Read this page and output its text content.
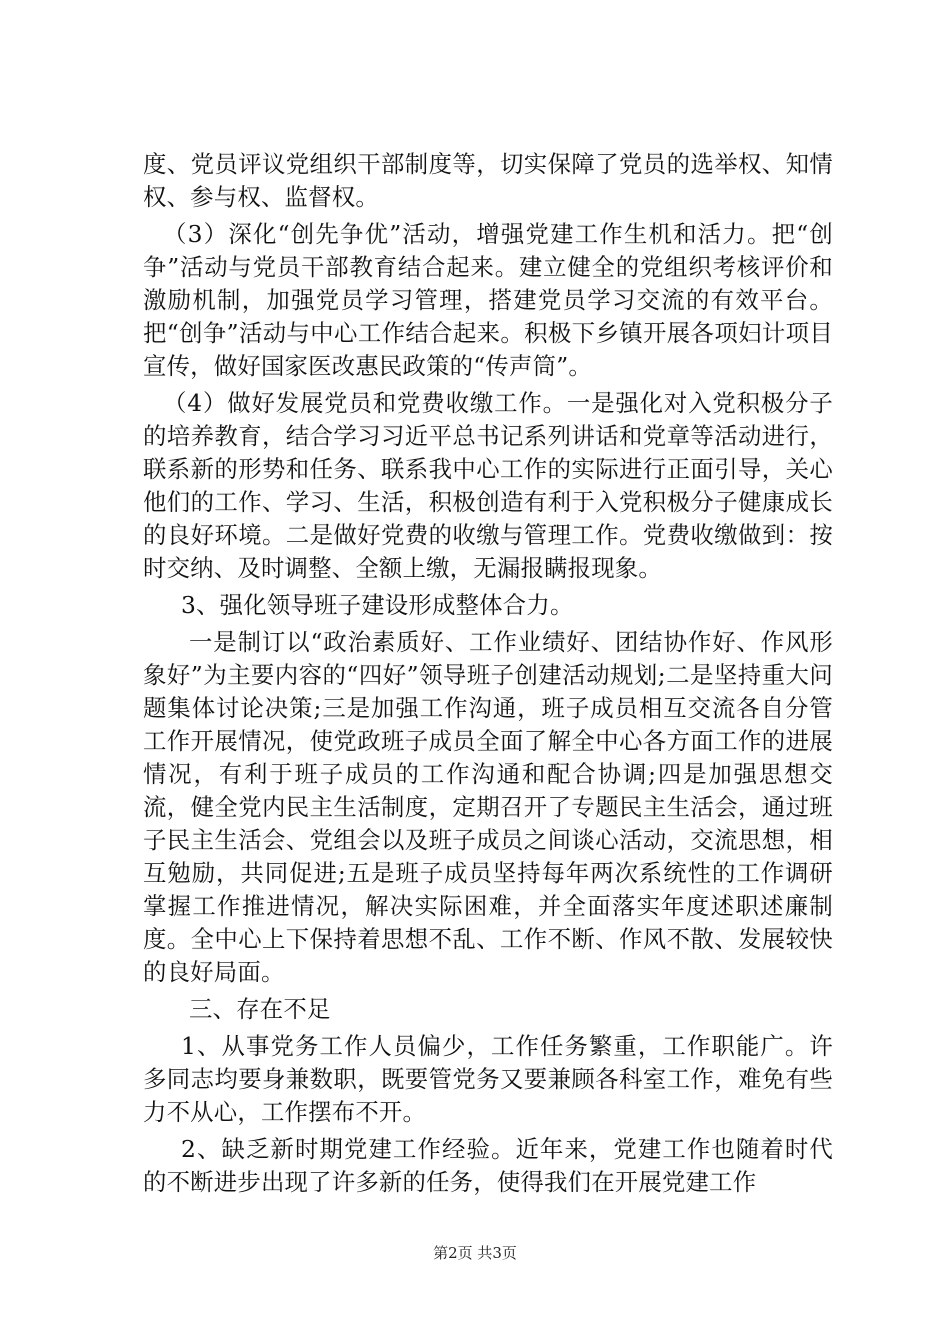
度、党员评议党组织干部制度等，切实保障了党员的选举权、知情权、参与权、监督权。

（3）深化“创先争优”活动，增强党建工作生机和活力。把“创争”活动与党员干部教育结合起来。建立健全的党组织考核评价和激励机制，加强党员学习管理，搭建党员学习交流的有效平台。把“创争”活动与中心工作结合起来。积极下乡镇开展各项妇计项目宣传，做好国家医改惠民政策的“传声筒”。

（4）做好发展党员和党费收缴工作。一是强化对入党积极分子的培养教育，结合学习习近平总书记系列讲话和党章等活动进行，联系新的形势和任务、联系我中心工作的实际进行正面引导，关心他们的工作、学习、生活，积极创造有利于入党积极分子健康成长的良好环境。二是做好党费的收缴与管理工作。党费收缴做到：按时交纳、及时调整、全额上缴，无漏报瞒报现象。

3、强化领导班子建设形成整体合力。

一是制订以“政治素质好、工作业绩好、团结协作好、作风形象好”为主要内容的“四好”领导班子创建活动规划;二是坚持重大问题集体讨论决策;三是加强工作沟通，班子成员相互交流各自分管工作开展情况，使党政班子成员全面了解全中心各方面工作的进展情况，有利于班子成员的工作沟通和配合协调;四是加强思想交流，健全党内民主生活制度，定期召开了专题民主生活会，通过班子民主生活会、党组会以及班子成员之间谈心活动，交流思想，相互勉励，共同促进;五是班子成员坚持每年两次系统性的工作调研掌握工作推进情况，解决实际困难，并全面落实年度述职述廉制度。全中心上下保持着思想不乱、工作不断、作风不散、发展较快的良好局面。

三、存在不足

1、从事党务工作人员偏少，工作任务繁重，工作职能广。许多同志均要身兼数职，既要管党务又要兼顾各科室工作，难免有些力不从心，工作摆布不开。

2、缺乏新时期党建工作经验。近年来，党建工作也随着时代的不断进步出现了许多新的任务，使得我们在开展党建工作

第2页 共3页
